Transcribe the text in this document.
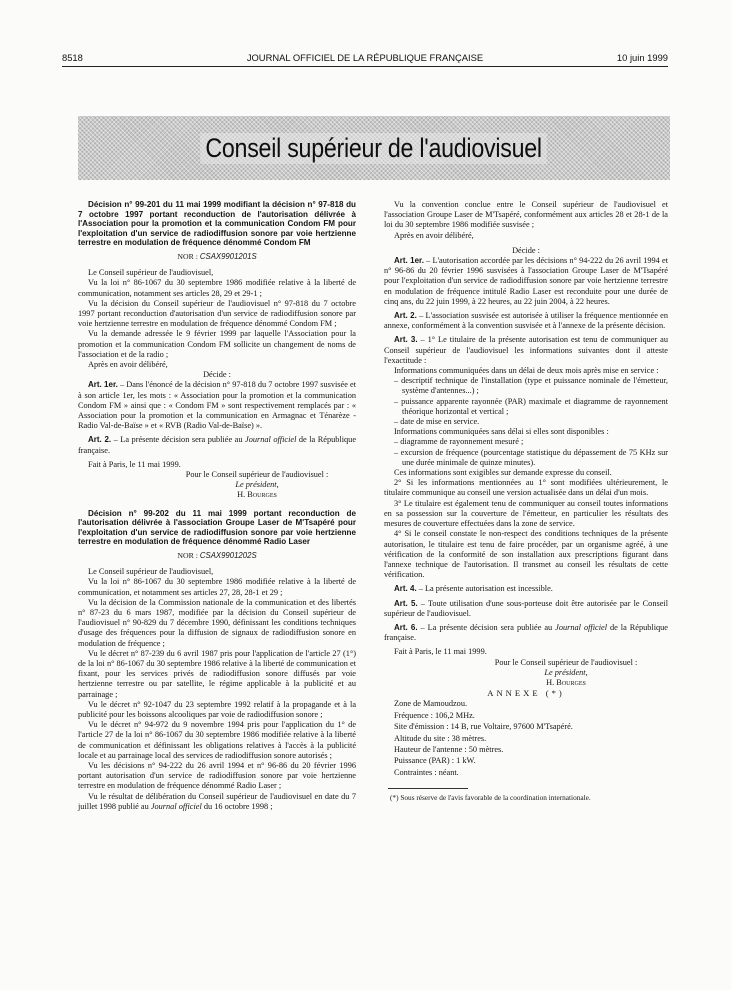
8518	JOURNAL OFFICIEL DE LA RÉPUBLIQUE FRANÇAISE	10 juin 1999
Conseil supérieur de l'audiovisuel

Décision n° 99-201 du 11 mai 1999 modifiant la décision n° 97-818 du 7 octobre 1997 portant reconduction de l'autorisation délivrée à l'Association pour la promotion et la communication Condom FM pour l'exploitation d'un service de radiodiffusion sonore par voie hertzienne terrestre en modulation de fréquence dénommé Condom FM

NOR : CSAX9901201S

Le Conseil supérieur de l'audiovisuel,

Vu la loi n° 86-1067 du 30 septembre 1986 modifiée relative à la liberté de communication, notamment ses articles 28, 29 et 29-1 ;

Vu la décision du Conseil supérieur de l'audiovisuel n° 97-818 du 7 octobre 1997 portant reconduction d'autorisation d'un service de radiodiffusion sonore par voie hertzienne terrestre en modulation de fréquence dénommé Condom FM ;

Vu la demande adressée le 9 février 1999 par laquelle l'Association pour la promotion et la communication Condom FM sollicite un changement de noms de l'association et de la radio ;

Après en avoir délibéré,

Décide :

Art. 1er. – Dans l'énoncé de la décision n° 97-818 du 7 octobre 1997 susvisée et à son article 1er, les mots : « Association pour la promotion et la communication Condom FM » ainsi que : « Condom FM » sont respectivement remplacés par : « Association pour la promotion et la communication en Armagnac et Ténarèze - Radio Val-de-Baïse » et « RVB (Radio Val-de-Baïse) ».

Art. 2. – La présente décision sera publiée au Journal officiel de la République française.

Fait à Paris, le 11 mai 1999.

Pour le Conseil supérieur de l'audiovisuel :

Le président,

H. Bourges

Décision n° 99-202 du 11 mai 1999 portant reconduction de l'autorisation délivrée à l'association Groupe Laser de M'Tsapéré pour l'exploitation d'un service de radiodiffusion sonore par voie hertzienne terrestre en modulation de fréquence dénommé Radio Laser

NOR : CSAX9901202S

Le Conseil supérieur de l'audiovisuel,

Vu la loi n° 86-1067 du 30 septembre 1986 modifiée relative à la liberté de communication, et notamment ses articles 27, 28, 28-1 et 29 ;

Vu la décision de la Commission nationale de la communication et des libertés n° 87-23 du 6 mars 1987, modifiée par la décision du Conseil supérieur de l'audiovisuel n° 90-829 du 7 décembre 1990, définissant les conditions techniques d'usage des fréquences pour la diffusion de signaux de radiodiffusion sonore en modulation de fréquence ;

Vu le décret n° 87-239 du 6 avril 1987 pris pour l'application de l'article 27 (1°) de la loi n° 86-1067 du 30 septembre 1986 relative à la liberté de communication et fixant, pour les services privés de radiodiffusion sonore diffusés par voie hertzienne terrestre ou par satellite, le régime applicable à la publicité et au parrainage ;

Vu le décret n° 92-1047 du 23 septembre 1992 relatif à la propagande et à la publicité pour les boissons alcooliques par voie de radiodiffusion sonore ;

Vu le décret n° 94-972 du 9 novembre 1994 pris pour l'application du 1° de l'article 27 de la loi n° 86-1067 du 30 septembre 1986 modifiée relative à la liberté de communication et définissant les obligations relatives à l'accès à la publicité locale et au parrainage local des services de radiodiffusion sonore autorisés ;

Vu les décisions n° 94-222 du 26 avril 1994 et n° 96-86 du 20 février 1996 portant autorisation d'un service de radiodiffusion sonore par voie hertzienne terrestre en modulation de fréquence dénommé Radio Laser ;

Vu le résultat de délibération du Conseil supérieur de l'audiovisuel en date du 7 juillet 1998 publié au Journal officiel du 16 octobre 1998 ;

Vu la convention conclue entre le Conseil supérieur de l'audiovisuel et l'association Groupe Laser de M'Tsapéré, conformément aux articles 28 et 28-1 de la loi du 30 septembre 1986 modifiée susvisée ;

Après en avoir délibéré,

Décide :

Art. 1er. – L'autorisation accordée par les décisions n° 94-222 du 26 avril 1994 et n° 96-86 du 20 février 1996 susvisées à l'association Groupe Laser de M'Tsapéré pour l'exploitation d'un service de radiodiffusion sonore par voie hertzienne terrestre en modulation de fréquence intitulé Radio Laser est reconduite pour une durée de cinq ans, du 22 juin 1999, à 22 heures, au 22 juin 2004, à 22 heures.

Art. 2. – L'association susvisée est autorisée à utiliser la fréquence mentionnée en annexe, conformément à la convention susvisée et à l'annexe de la présente décision.

Art. 3. – 1° Le titulaire de la présente autorisation est tenu de communiquer au Conseil supérieur de l'audiovisuel les informations suivantes dont il atteste l'exactitude :

Informations communiquées dans un délai de deux mois après mise en service :

– descriptif technique de l'installation (type et puissance nominale de l'émetteur, système d'antennes...) ;
– puissance apparente rayonnée (PAR) maximale et diagramme de rayonnement théorique horizontal et vertical ;
– date de mise en service.

Informations communiquées sans délai si elles sont disponibles :

– diagramme de rayonnement mesuré ;
– excursion de fréquence (pourcentage statistique du dépassement de 75 KHz sur une durée minimale de quinze minutes).

Ces informations sont exigibles sur demande expresse du conseil.

2° Si les informations mentionnées au 1° sont modifiées ultérieurement, le titulaire communique au conseil une version actualisée dans un délai d'un mois.

3° Le titulaire est également tenu de communiquer au conseil toutes informations en sa possession sur la couverture de l'émetteur, en particulier les résultats des mesures de couverture effectuées dans la zone de service.

4° Si le conseil constate le non-respect des conditions techniques de la présente autorisation, le titulaire est tenu de faire procéder, par un organisme agréé, à une vérification de la conformité de son installation aux prescriptions figurant dans l'annexe technique de l'autorisation. Il transmet au conseil les résultats de cette vérification.

Art. 4. – La présente autorisation est incessible.

Art. 5. – Toute utilisation d'une sous-porteuse doit être autorisée par le Conseil supérieur de l'audiovisuel.

Art. 6. – La présente décision sera publiée au Journal officiel de la République française.

Fait à Paris, le 11 mai 1999.

Pour le Conseil supérieur de l'audiovisuel :

Le président,

H. Bourges

ANNEXE (*)

Zone de Mamoudzou.

Fréquence : 106,2 MHz.

Site d'émission : 14 B, rue Voltaire, 97600 M'Tsapéré.

Altitude du site : 38 mètres.

Hauteur de l'antenne : 50 mètres.

Puissance (PAR) : 1 kW.

Contraintes : néant.

(*) Sous réserve de l'avis favorable de la coordination internationale.
